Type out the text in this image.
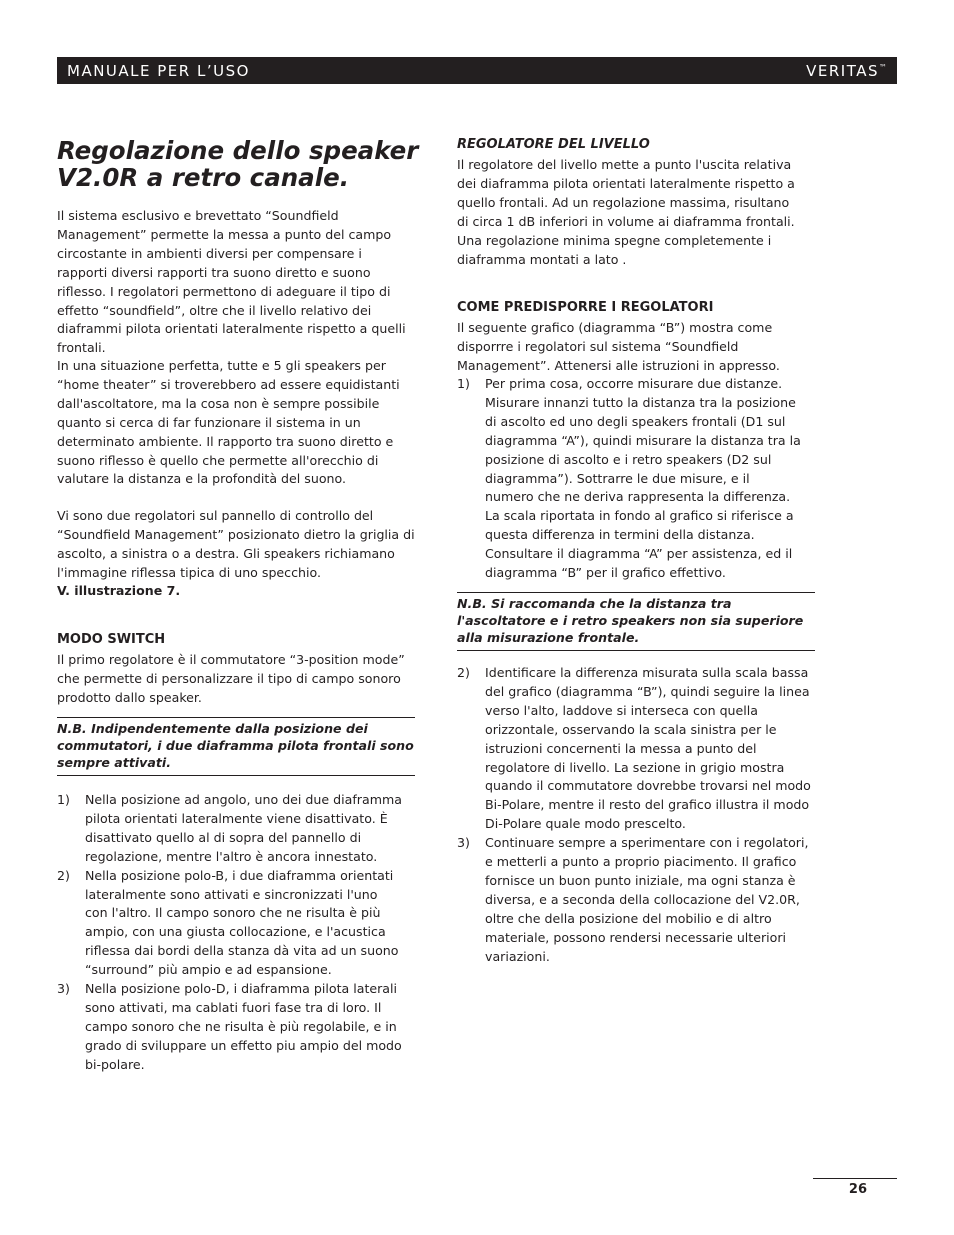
MANUALE PER L’USO	VERITAS™
Regolazione dello speaker V2.0R a retro canale.

Il sistema esclusivo e brevettato “Soundfield Management” permette la messa a punto del campo circostante in ambienti diversi per compensare i rapporti diversi rapporti tra suono diretto e suono riflesso. I regolatori permettono di adeguare il tipo di effetto “soundfield”, oltre che il livello relativo dei diaframmi pilota orientati lateralmente rispetto a quelli frontali.

In una situazione perfetta, tutte e 5 gli speakers per “home theater” si troverebbero ad essere equidistanti dall'ascoltatore, ma la cosa non è sempre possibile quanto si cerca di far funzionare il sistema in un determinato ambiente. Il rapporto tra suono diretto e suono riflesso è quello che permette all'orecchio di valutare la distanza e la profondità del suono.

Vi sono due regolatori sul pannello di controllo del “Soundfield Management” posizionato dietro la griglia di ascolto, a sinistra o a destra. Gli speakers richiamano l'immagine riflessa tipica di uno specchio.

V. illustrazione 7.

MODO SWITCH

Il primo regolatore è il commutatore “3-position mode” che permette di personalizzare il tipo di campo sonoro prodotto dallo speaker.

N.B. Indipendentemente dalla posizione dei commutatori, i due diaframma pilota frontali sono sempre attivati.
1) Nella posizione ad angolo, uno dei due diaframma pilota orientati lateralmente viene disattivato. È disattivato quello al di sopra del pannello di regolazione, mentre l'altro è ancora innestato.
2) Nella posizione polo-B, i due diaframma orientati lateralmente sono attivati e sincronizzati l'uno con l'altro. Il campo sonoro che ne risulta è più ampio, con una giusta collocazione, e l'acustica riflessa dai bordi della stanza dà vita ad un suono “surround” più ampio e ad espansione.
3) Nella posizione polo-D, i diaframma pilota laterali sono attivati, ma cablati fuori fase tra di loro. Il campo sonoro che ne risulta è più regolabile, e in grado di sviluppare un effetto piu ampio del modo bi-polare.
REGOLATORE DEL LIVELLO

Il regolatore del livello mette a punto l'uscita relativa dei diaframma pilota orientati lateralmente rispetto a quello frontali. Ad un regolazione massima, risultano di circa 1 dB inferiori in volume ai diaframma frontali. Una regolazione minima spegne completemente i diaframma montati a lato .

COME PREDISPORRE I REGOLATORI

Il seguente grafico (diagramma “B”) mostra come disporrre i regolatori sul sistema “Soundfield Management”. Attenersi alle istruzioni in appresso.

1) Per prima cosa, occorre misurare due distanze. Misurare innanzi tutto la distanza tra la posizione di ascolto ed uno degli speakers frontali (D1 sul diagramma “A”), quindi misurare la distanza tra la posizione di ascolto e i retro speakers (D2 sul diagramma”). Sottrarre le due misure, e il numero che ne deriva rappresenta la differenza. La scala riportata in fondo al grafico si riferisce a questa differenza in termini della distanza. Consultare il diagramma “A” per assistenza, ed il diagramma “B” per il grafico effettivo.
N.B. Si raccomanda che la distanza tra l'ascoltatore e i retro speakers non sia superiore alla misurazione frontale.
2) Identificare la differenza misurata sulla scala bassa del grafico (diagramma “B”), quindi seguire la linea verso l'alto, laddove si interseca con quella orizzontale, osservando la scala sinistra per le istruzioni concernenti la messa a punto del regolatore di livello. La sezione in grigio mostra quando il commutatore dovrebbe trovarsi nel modo Bi-Polare, mentre il resto del grafico illustra il modo Di-Polare quale modo prescelto.
3) Continuare sempre a sperimentare con i regolatori, e metterli a punto a proprio piacimento. Il grafico fornisce un buon punto iniziale, ma ogni stanza è diversa, e a seconda della collocazione del V2.0R, oltre che della posizione del mobilio e di altro materiale, possono rendersi necessarie ulteriori variazioni.
26
